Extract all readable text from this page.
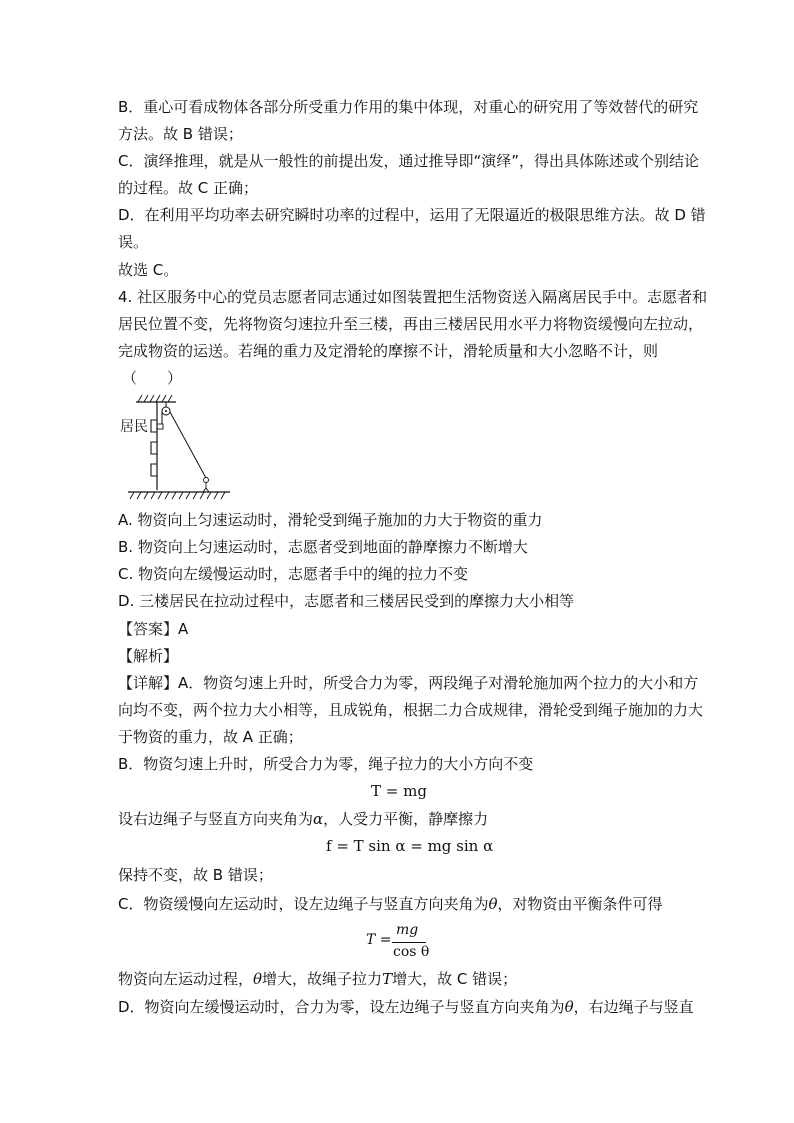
B．重心可看成物体各部分所受重力作用的集中体现，对重心的研究用了等效替代的研究
方法。故 B 错误；
C．演绎推理，就是从一般性的前提出发，通过推导即“演绎”，得出具体陈述或个别结论
的过程。故 C 正确；
D．在利用平均功率去研究瞬时功率的过程中，运用了无限逼近的极限思维方法。故 D 错
误。
故选 C。
4. 社区服务中心的党员志愿者同志通过如图装置把生活物资送入隔离居民手中。志愿者和
居民位置不变，先将物资匀速拉升至三楼，再由三楼居民用水平力将物资缓慢向左拉动，
完成物资的运送。若绳的重力及定滑轮的摩擦不计，滑轮质量和大小忽略不计，则
（　　）
居民
A. 物资向上匀速运动时，滑轮受到绳子施加的力大于物资的重力
B. 物资向上匀速运动时，志愿者受到地面的静摩擦力不断增大
C. 物资向左缓慢运动时，志愿者手中的绳的拉力不变
D. 三楼居民在拉动过程中，志愿者和三楼居民受到的摩擦力大小相等
【答案】A
【解析】
【详解】A．物资匀速上升时，所受合力为零，两段绳子对滑轮施加两个拉力的大小和方
向均不变，两个拉力大小相等，且成锐角，根据二力合成规律，滑轮受到绳子施加的力大
于物资的重力，故 A 正确；
B．物资匀速上升时，所受合力为零，绳子拉力的大小方向不变
T = mg
设右边绳子与竖直方向夹角为α，人受力平衡，静摩擦力
f = T sin α = mg sin α
保持不变，故 B 错误；
C．物资缓慢向左运动时，设左边绳子与竖直方向夹角为θ，对物资由平衡条件可得
T =
mg
cos θ
物资向左运动过程，θ增大，故绳子拉力T增大，故 C 错误；
D．物资向左缓慢运动时，合力为零，设左边绳子与竖直方向夹角为θ，右边绳子与竖直
